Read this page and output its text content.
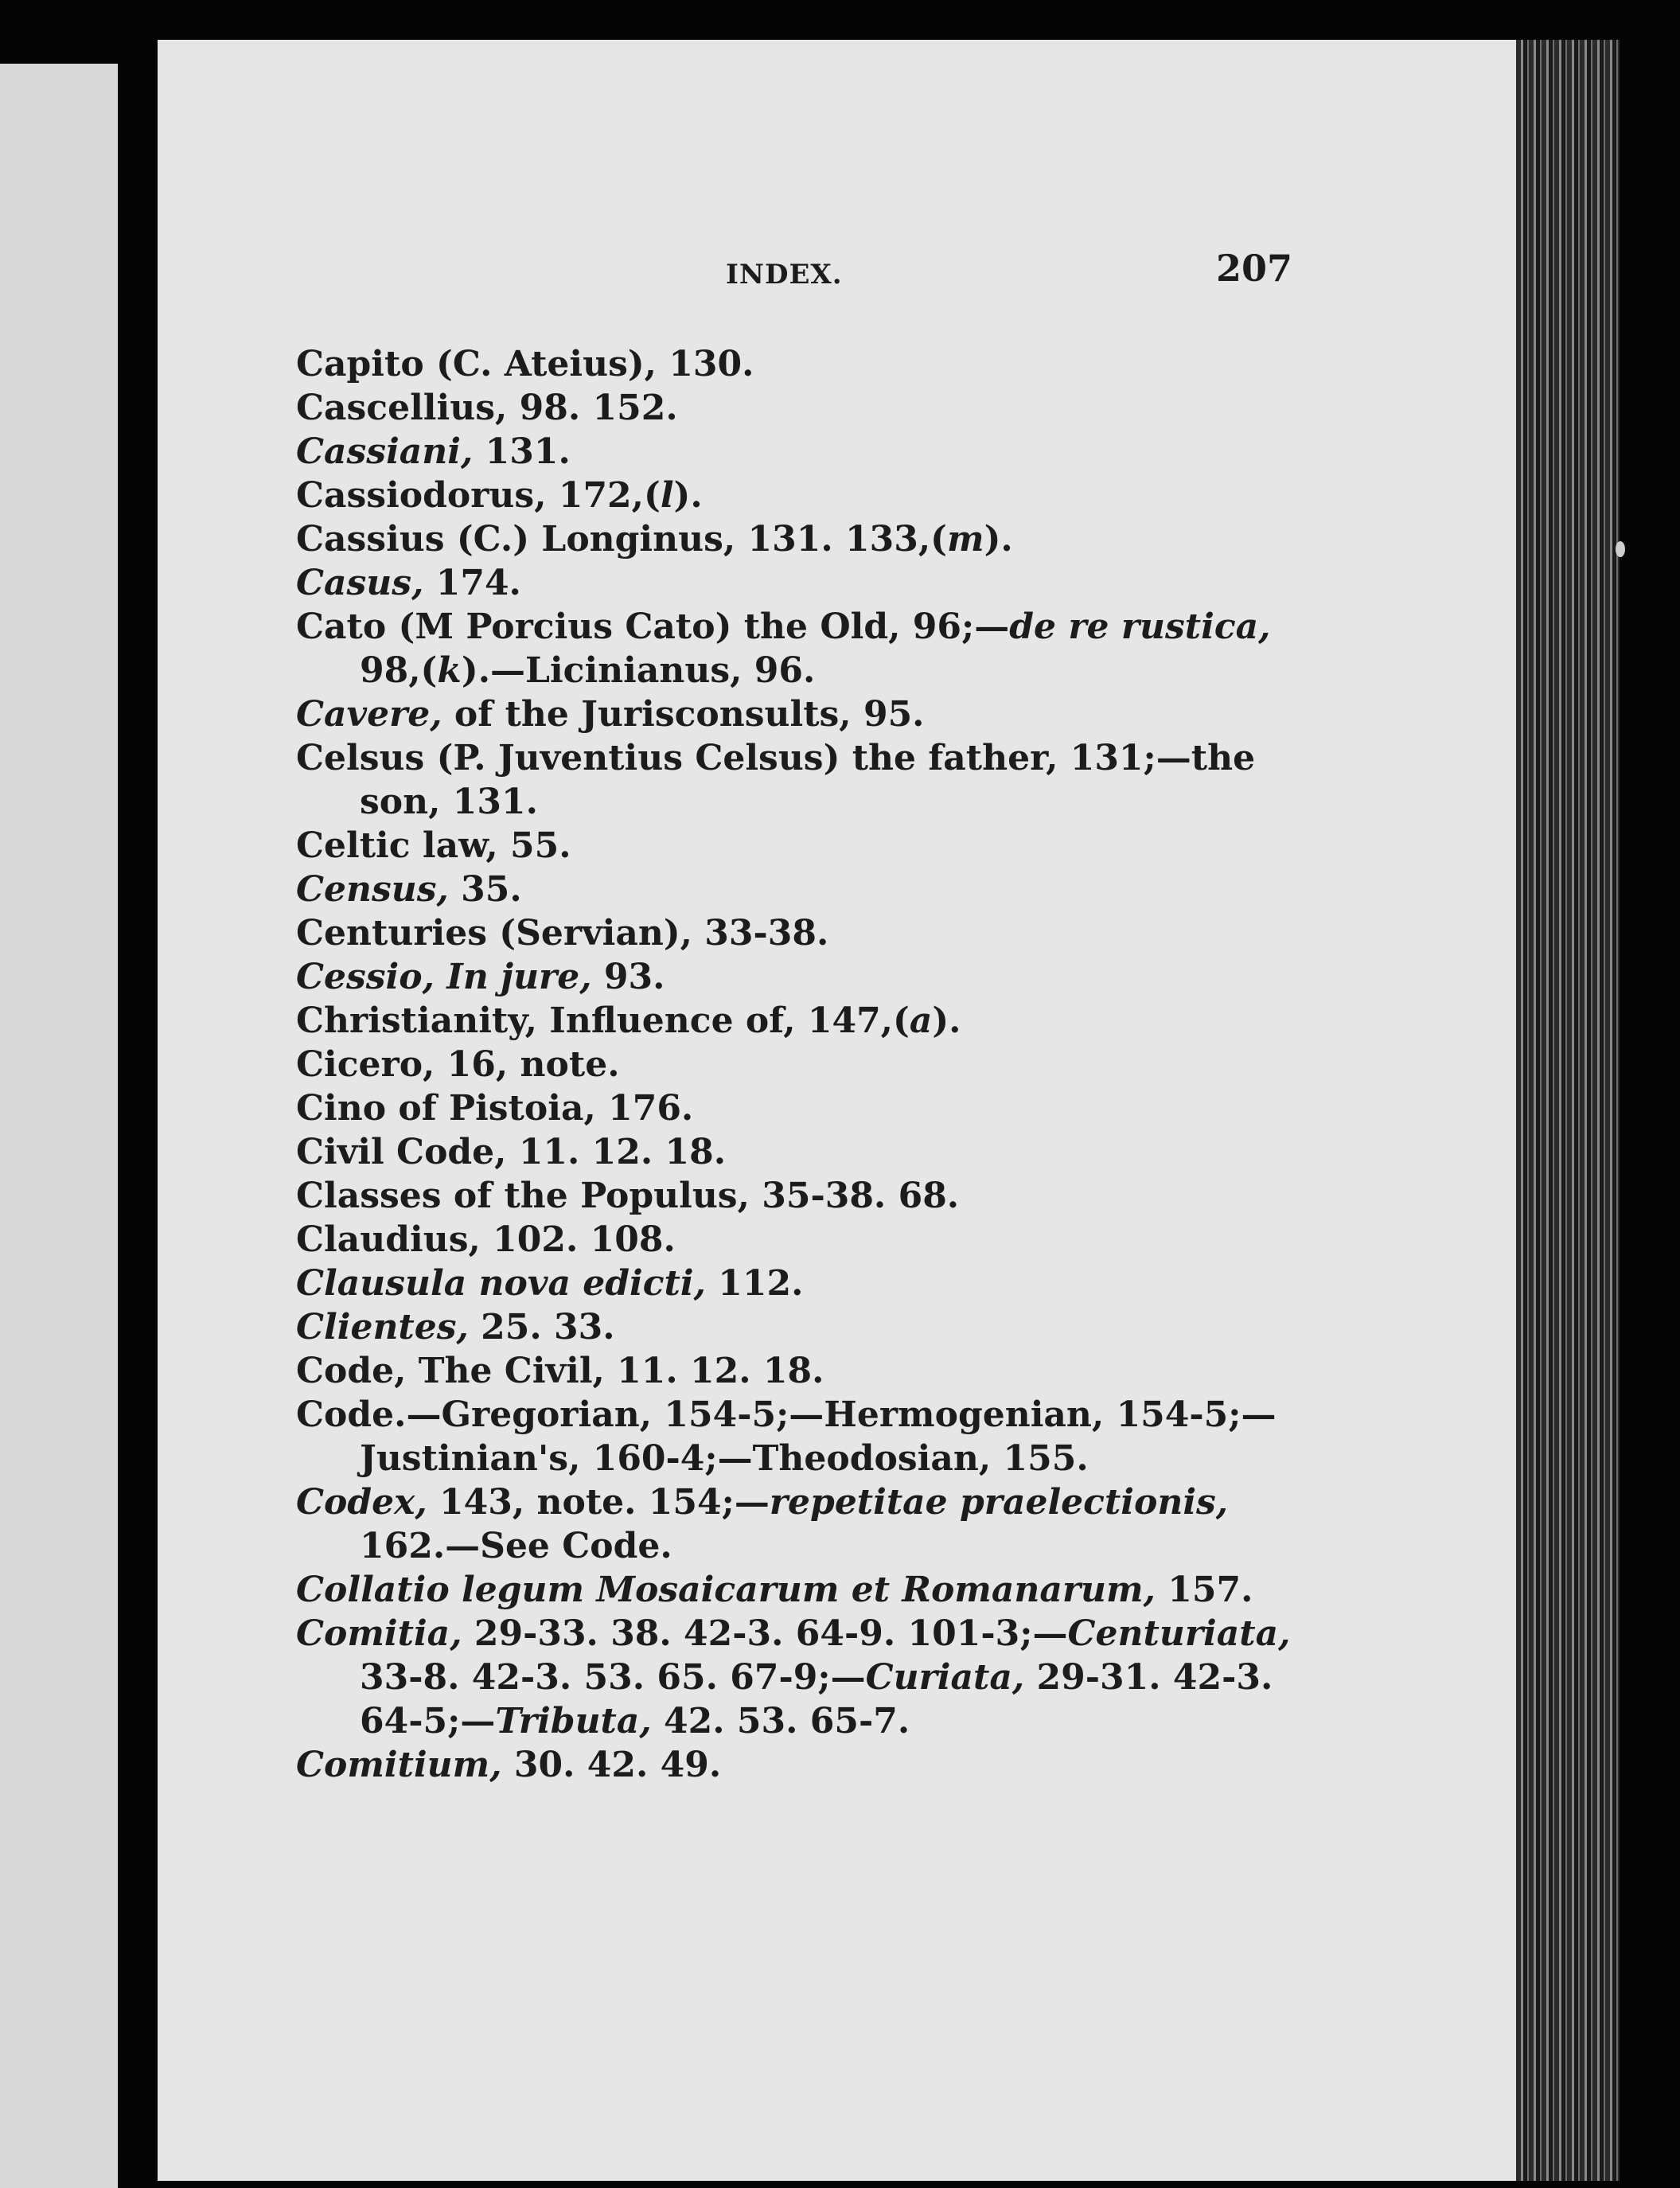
INDEX.	207
Capito (C. Ateius), 130.
Cascellius, 98. 152.
Cassiani, 131.
Cassiodorus, 172,(l).
Cassius (C.) Longinus, 131. 133,(m).
Casus, 174.
Cato (M Porcius Cato) the Old, 96;—de re rustica, 98,(k).—Licinianus, 96.
Cavere, of the Jurisconsults, 95.
Celsus (P. Juventius Celsus) the father, 131;—the son, 131.
Celtic law, 55.
Census, 35.
Centuries (Servian), 33-38.
Cessio, In jure, 93.
Christianity, Influence of, 147,(a).
Cicero, 16, note.
Cino of Pistoia, 176.
Civil Code, 11. 12. 18.
Classes of the Populus, 35-38. 68.
Claudius, 102. 108.
Clausula nova edicti, 112.
Clientes, 25. 33.
Code, The Civil, 11. 12. 18.
Code.—Gregorian, 154-5;—Hermogenian, 154-5;—Justinian's, 160-4;—Theodosian, 155.
Codex, 143, note. 154;—repetitae praelectionis, 162.—See Code.
Collatio legum Mosaicarum et Romanarum, 157.
Comitia, 29-33. 38. 42-3. 64-9. 101-3;—Centuriata, 33-8. 42-3. 53. 65. 67-9;—Curiata, 29-31. 42-3. 64-5;—Tributa, 42. 53. 65-7.
Comitium, 30. 42. 49.
